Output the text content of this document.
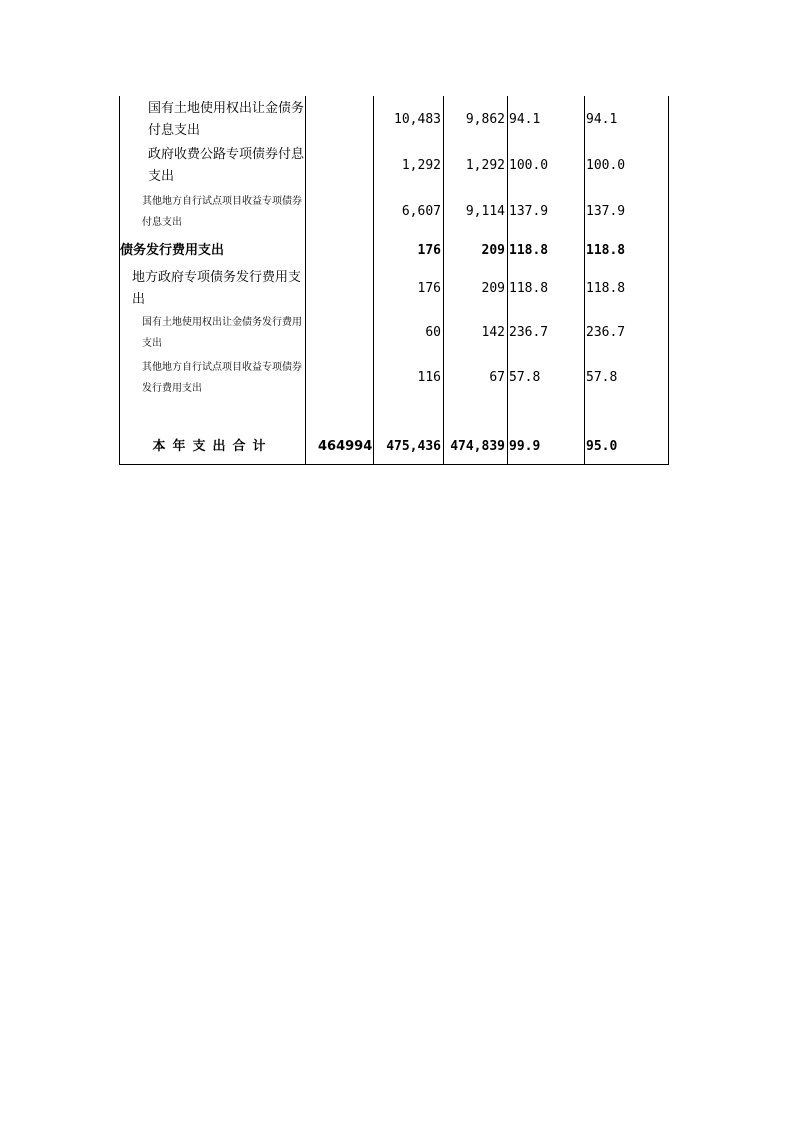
国有土地使用权出让金债务付息支出		10,483	9,862	94.1	94.1
政府收费公路专项债券付息支出		1,292	1,292	100.0	100.0
其他地方自行试点项目收益专项债券付息支出		6,607	9,114	137.9	137.9
债务发行费用支出		176	209	118.8	118.8
地方政府专项债务发行费用支出		176	209	118.8	118.8
国有土地使用权出让金债务发行费用支出		60	142	236.7	236.7
其他地方自行试点项目收益专项债券发行费用支出		116	67	57.8	57.8

本年支出合计	464994	475,436	474,839	99.9	95.0
